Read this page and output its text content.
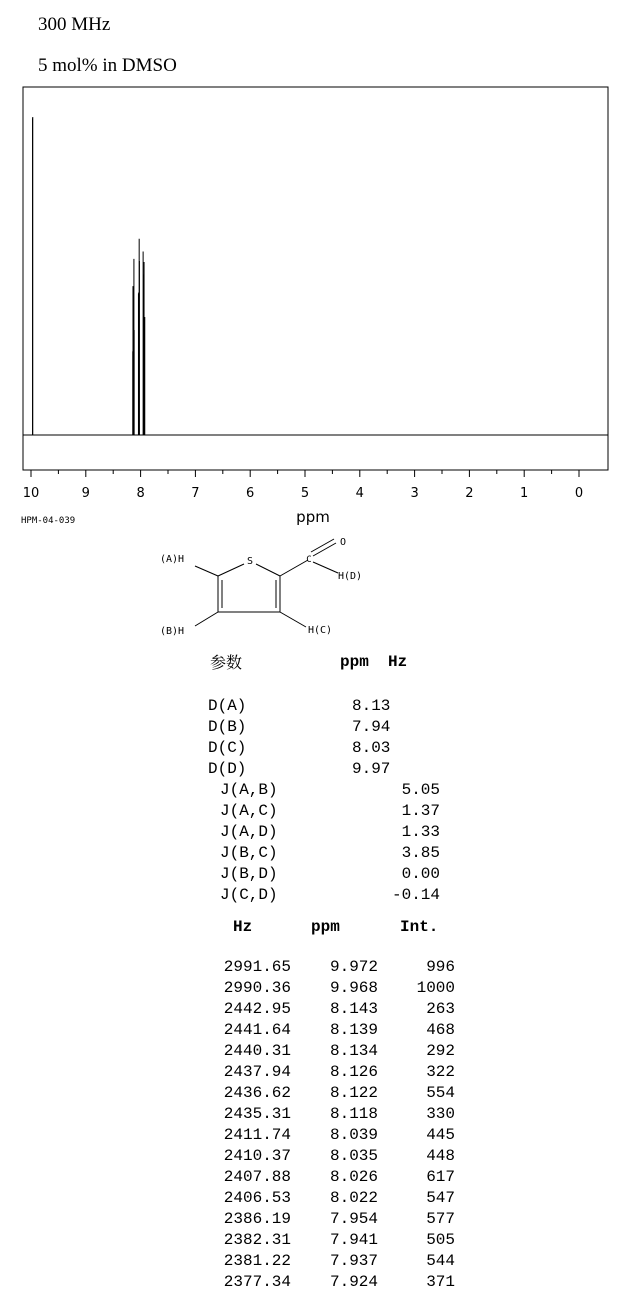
300 MHz
5 mol% in DMSO
10	9	8	7	6	5	4	3	2	1	0
HPM-04-039	ppm
S
O
C
(A)H
(B)H	H(C)
H(D)
参数	ppm  Hz
D(A)	8.13
D(B)	7.94
D(C)	8.03
D(D)	9.97
J(A,B)	5.05
J(A,C)	1.37
J(A,D)	1.33
J(B,C)	3.85
J(B,D)	0.00
J(C,D)	-0.14
Hz	ppm	Int.
2991.65	9.972	996
2990.36	9.968	1000
2442.95	8.143	263
2441.64	8.139	468
2440.31	8.134	292
2437.94	8.126	322
2436.62	8.122	554
2435.31	8.118	330
2411.74	8.039	445
2410.37	8.035	448
2407.88	8.026	617
2406.53	8.022	547
2386.19	7.954	577
2382.31	7.941	505
2381.22	7.937	544
2377.34	7.924	371
